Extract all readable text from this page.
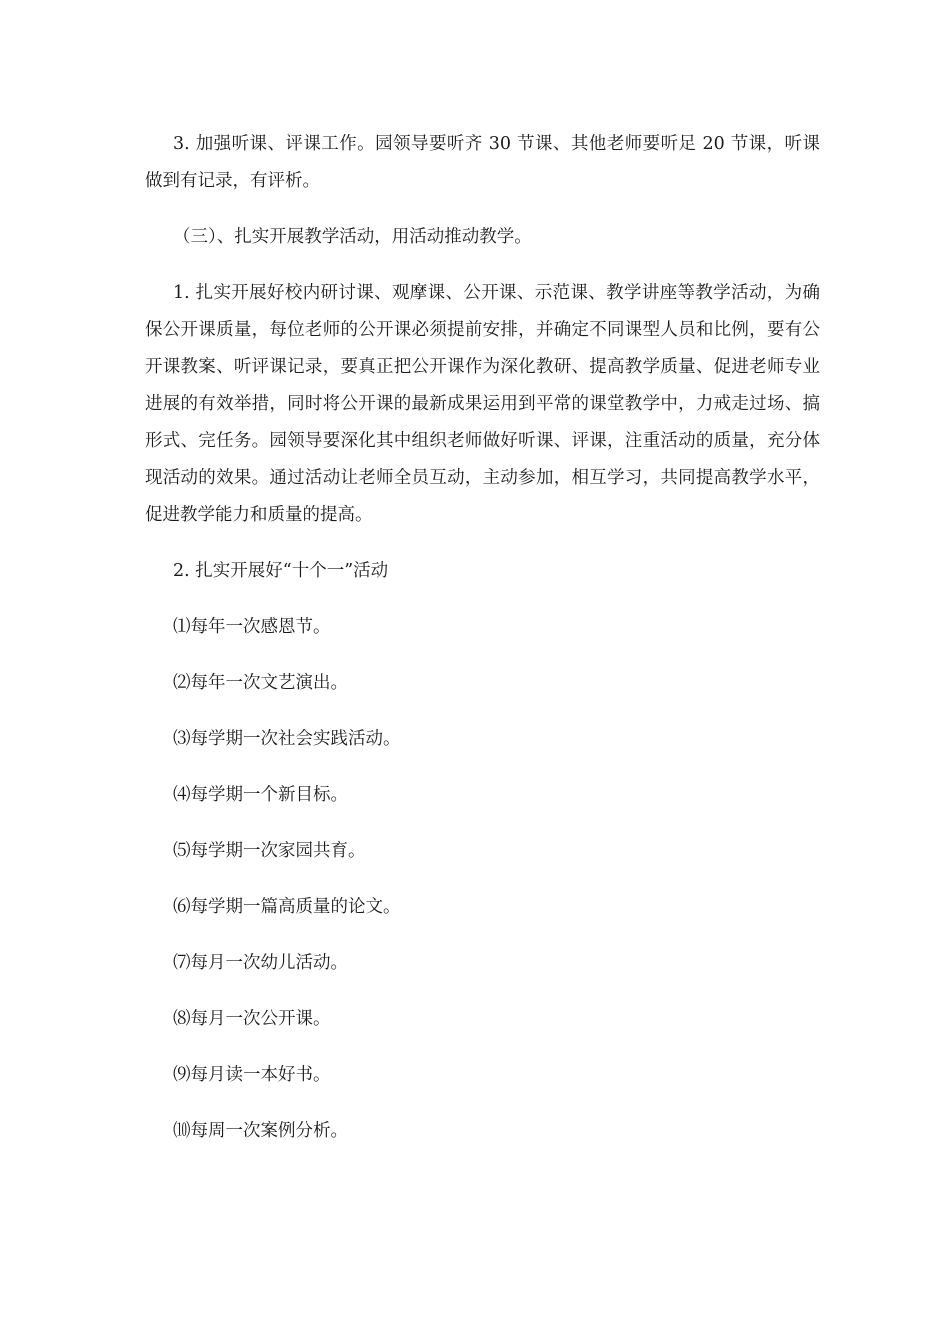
3. 加强听课、评课工作。园领导要听齐 30 节课、其他老师要听足 20 节课，听课做到有记录，有评析。

（三）、扎实开展教学活动，用活动推动教学。

1. 扎实开展好校内研讨课、观摩课、公开课、示范课、教学讲座等教学活动，为确保公开课质量，每位老师的公开课必须提前安排，并确定不同课型人员和比例，要有公开课教案、听评课记录，要真正把公开课作为深化教研、提高教学质量、促进老师专业进展的有效举措，同时将公开课的最新成果运用到平常的课堂教学中，力戒走过场、搞形式、完任务。园领导要深化其中组织老师做好听课、评课，注重活动的质量，充分体现活动的效果。通过活动让老师全员互动，主动参加，相互学习，共同提高教学水平，促进教学能力和质量的提高。

2. 扎实开展好“十个一”活动

⑴每年一次感恩节。

⑵每年一次文艺演出。

⑶每学期一次社会实践活动。

⑷每学期一个新目标。

⑸每学期一次家园共育。

⑹每学期一篇高质量的论文。

⑺每月一次幼儿活动。

⑻每月一次公开课。

⑼每月读一本好书。

⑽每周一次案例分析。
